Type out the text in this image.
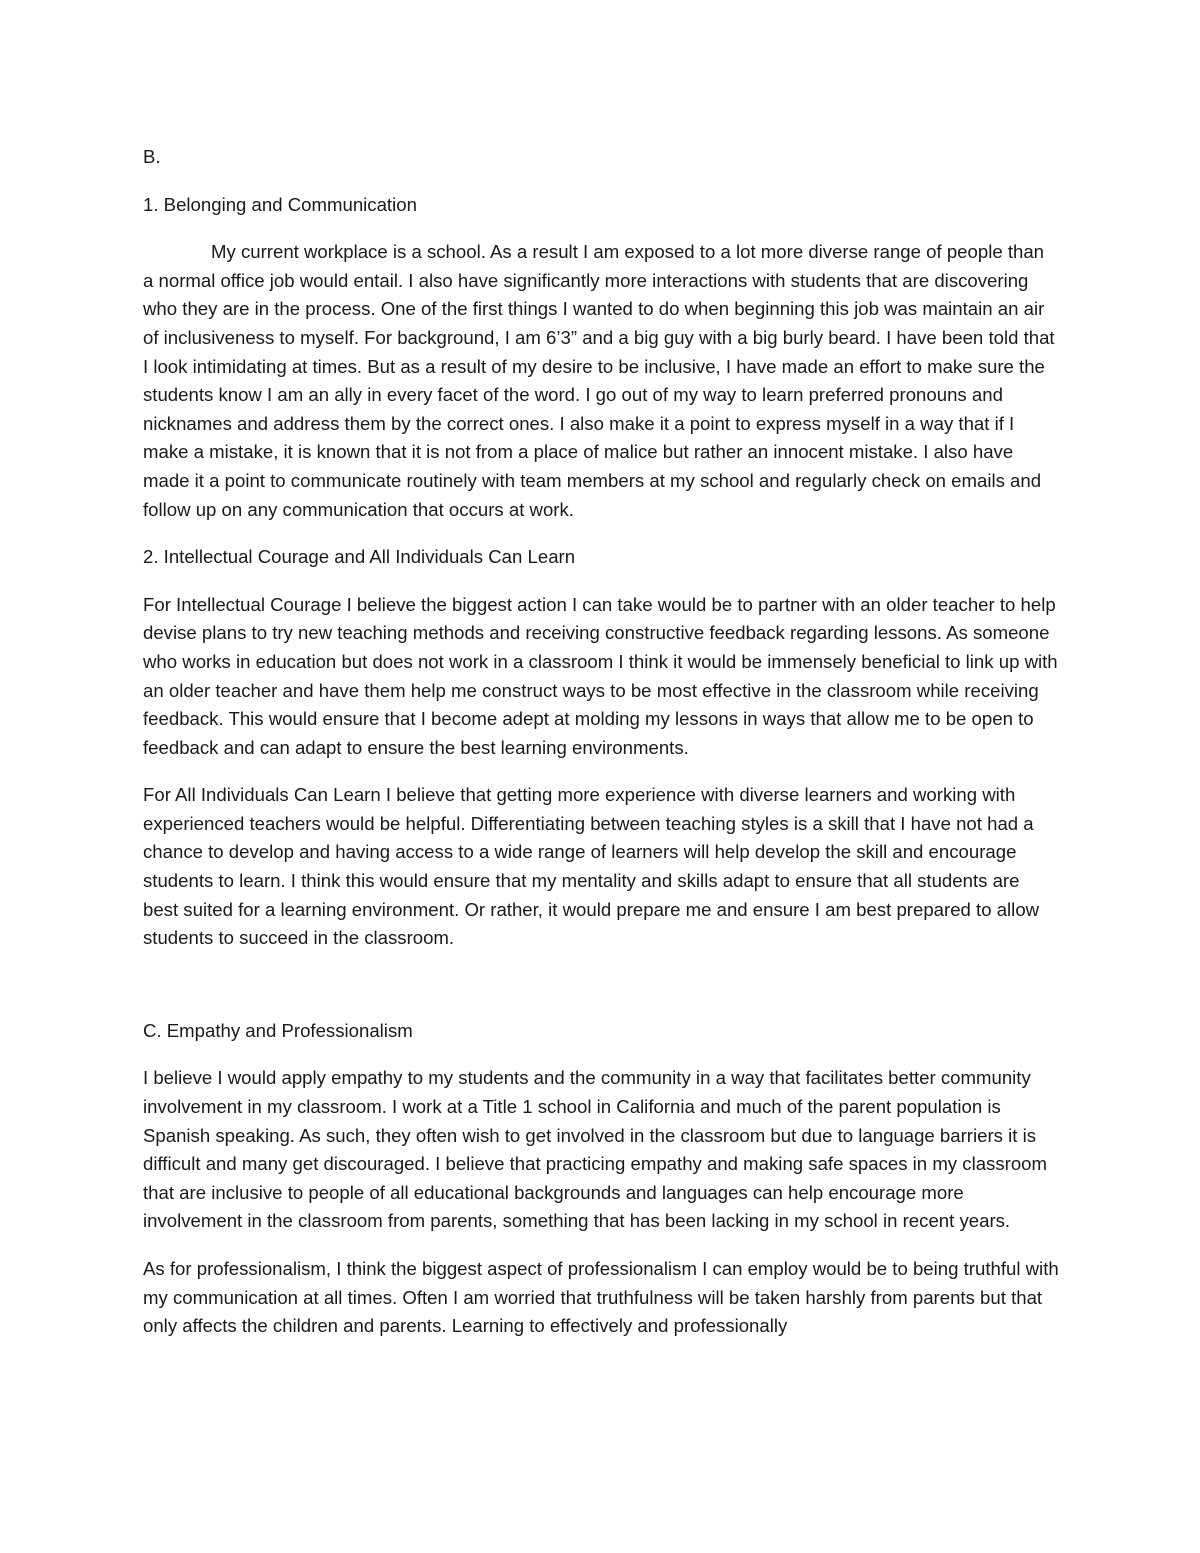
B.

1. Belonging and Communication

My current workplace is a school. As a result I am exposed to a lot more diverse range of people than a normal office job would entail. I also have significantly more interactions with students that are discovering who they are in the process. One of the first things I wanted to do when beginning this job was maintain an air of inclusiveness to myself. For background, I am 6’3” and a big guy with a big burly beard. I have been told that I look intimidating at times. But as a result of my desire to be inclusive, I have made an effort to make sure the students know I am an ally in every facet of the word. I go out of my way to learn preferred pronouns and nicknames and address them by the correct ones. I also make it a point to express myself in a way that if I make a mistake, it is known that it is not from a place of malice but rather an innocent mistake. I also have made it a point to communicate routinely with team members at my school and regularly check on emails and follow up on any communication that occurs at work.

2. Intellectual Courage and All Individuals Can Learn

For Intellectual Courage I believe the biggest action I can take would be to partner with an older teacher to help devise plans to try new teaching methods and receiving constructive feedback regarding lessons. As someone who works in education but does not work in a classroom I think it would be immensely beneficial to link up with an older teacher and have them help me construct ways to be most effective in the classroom while receiving feedback. This would ensure that I become adept at molding my lessons in ways that allow me to be open to feedback and can adapt to ensure the best learning environments.

For All Individuals Can Learn I believe that getting more experience with diverse learners and working with experienced teachers would be helpful. Differentiating between teaching styles is a skill that I have not had a chance to develop and having access to a wide range of learners will help develop the skill and encourage students to learn. I think this would ensure that my mentality and skills adapt to ensure that all students are best suited for a learning environment. Or rather, it would prepare me and ensure I am best prepared to allow students to succeed in the classroom.

C. Empathy and Professionalism

I believe I would apply empathy to my students and the community in a way that facilitates better community involvement in my classroom. I work at a Title 1 school in California and much of the parent population is Spanish speaking. As such, they often wish to get involved in the classroom but due to language barriers it is difficult and many get discouraged. I believe that practicing empathy and making safe spaces in my classroom that are inclusive to people of all educational backgrounds and languages can help encourage more involvement in the classroom from parents, something that has been lacking in my school in recent years.

As for professionalism, I think the biggest aspect of professionalism I can employ would be to being truthful with my communication at all times. Often I am worried that truthfulness will be taken harshly from parents but that only affects the children and parents. Learning to effectively and professionally
